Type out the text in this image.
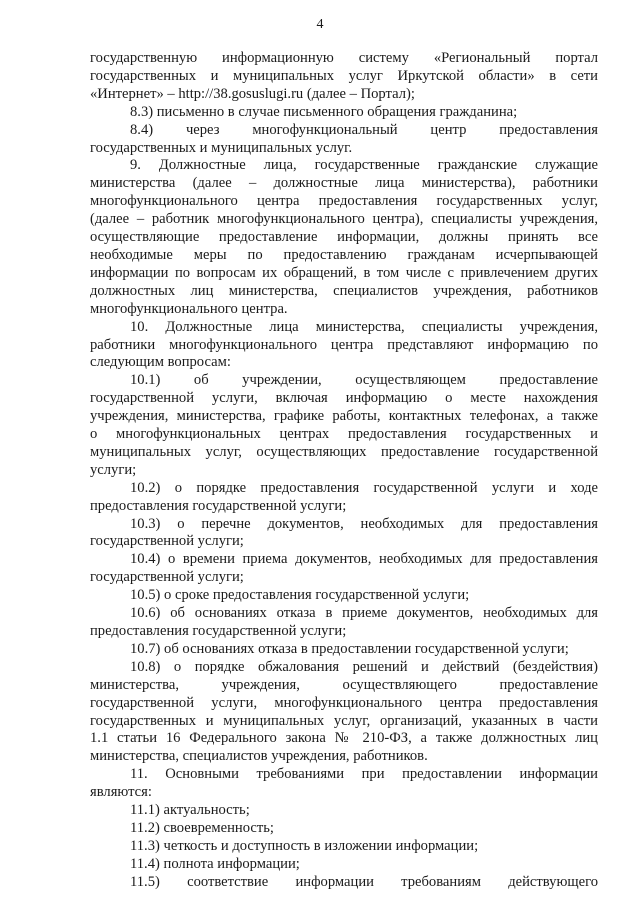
4
государственную информационную систему «Региональный портал
государственных и муниципальных услуг Иркутской области» в сети
«Интернет» – http://38.gosuslugi.ru (далее – Портал);
8.3) письменно в случае письменного обращения гражданина;
8.4) через многофункциональный центр предоставления
государственных и муниципальных услуг.
9. Должностные лица, государственные гражданские служащие
министерства (далее – должностные лица министерства), работники
многофункционального центра предоставления государственных услуг,
(далее – работник многофункционального центра), специалисты учреждения,
осуществляющие предоставление информации, должны принять все
необходимые меры по предоставлению гражданам исчерпывающей
информации по вопросам их обращений, в том числе с привлечением других
должностных лиц министерства, специалистов учреждения, работников
многофункционального центра.
10. Должностные лица министерства, специалисты учреждения,
работники многофункционального центра представляют информацию по
следующим вопросам:
10.1) об учреждении, осуществляющем предоставление
государственной услуги, включая информацию о месте нахождения
учреждения, министерства, графике работы, контактных телефонах, а также
о многофункциональных центрах предоставления государственных и
муниципальных услуг, осуществляющих предоставление государственной
услуги;
10.2) о порядке предоставления государственной услуги и ходе
предоставления государственной услуги;
10.3) о перечне документов, необходимых для предоставления
государственной услуги;
10.4) о времени приема документов, необходимых для предоставления
государственной услуги;
10.5) о сроке предоставления государственной услуги;
10.6) об основаниях отказа в приеме документов, необходимых для
предоставления государственной услуги;
10.7) об основаниях отказа в предоставлении государственной услуги;
10.8) о порядке обжалования решений и действий (бездействия)
министерства, учреждения, осуществляющего предоставление
государственной услуги, многофункционального центра предоставления
государственных и муниципальных услуг, организаций, указанных в части
1.1 статьи 16 Федерального закона № 210-ФЗ, а также должностных лиц
министерства, специалистов учреждения, работников.
11. Основными требованиями при предоставлении информации
являются:
11.1) актуальность;
11.2) своевременность;
11.3) четкость и доступность в изложении информации;
11.4) полнота информации;
11.5) соответствие информации требованиям действующего
